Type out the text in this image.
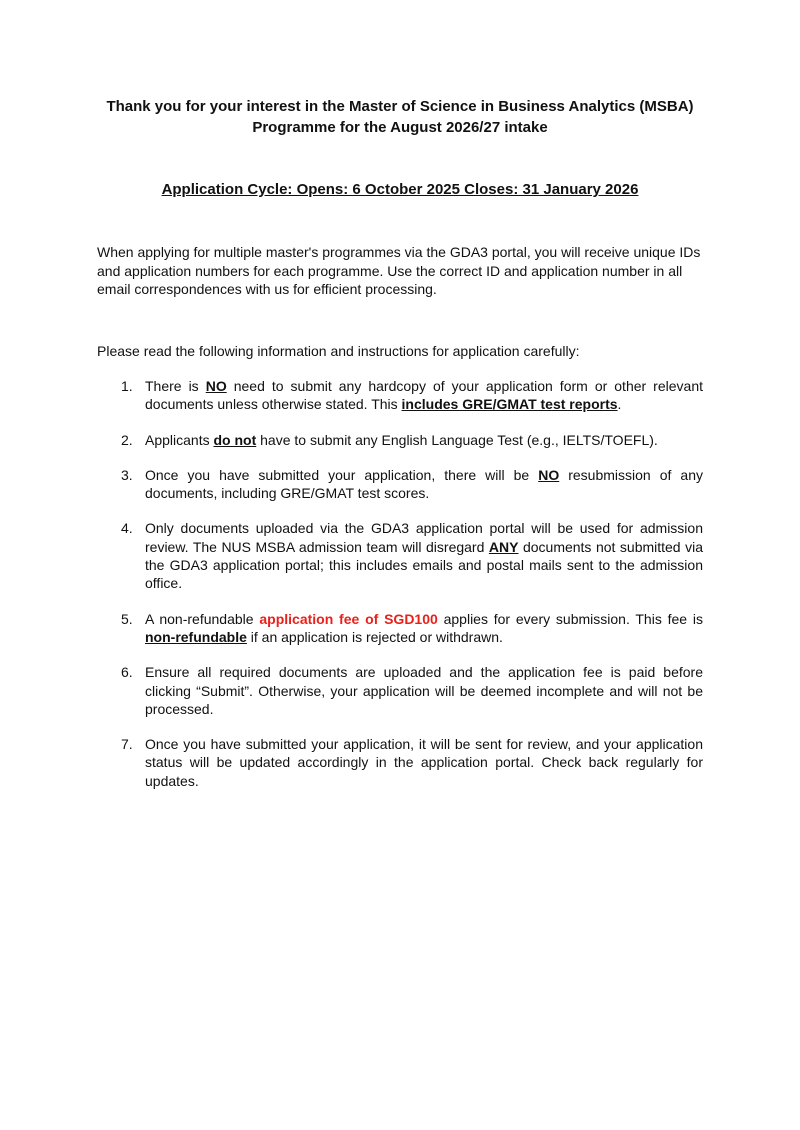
Thank you for your interest in the Master of Science in Business Analytics (MSBA)
Programme for the August 2026/27 intake
Application Cycle: Opens: 6 October 2025 Closes: 31 January 2026

When applying for multiple master's programmes via the GDA3 portal, you will receive unique IDs and application numbers for each programme. Use the correct ID and application number in all email correspondences with us for efficient processing.

Please read the following information and instructions for application carefully:

1. There is NO need to submit any hardcopy of your application form or other relevant documents unless otherwise stated. This includes GRE/GMAT test reports.
2. Applicants do not have to submit any English Language Test (e.g., IELTS/TOEFL).
3. Once you have submitted your application, there will be NO resubmission of any documents, including GRE/GMAT test scores.
4. Only documents uploaded via the GDA3 application portal will be used for admission review. The NUS MSBA admission team will disregard ANY documents not submitted via the GDA3 application portal; this includes emails and postal mails sent to the admission office.
5. A non-refundable application fee of SGD100 applies for every submission. This fee is non-refundable if an application is rejected or withdrawn.
6. Ensure all required documents are uploaded and the application fee is paid before clicking “Submit”. Otherwise, your application will be deemed incomplete and will not be processed.
7. Once you have submitted your application, it will be sent for review, and your application status will be updated accordingly in the application portal. Check back regularly for updates.
